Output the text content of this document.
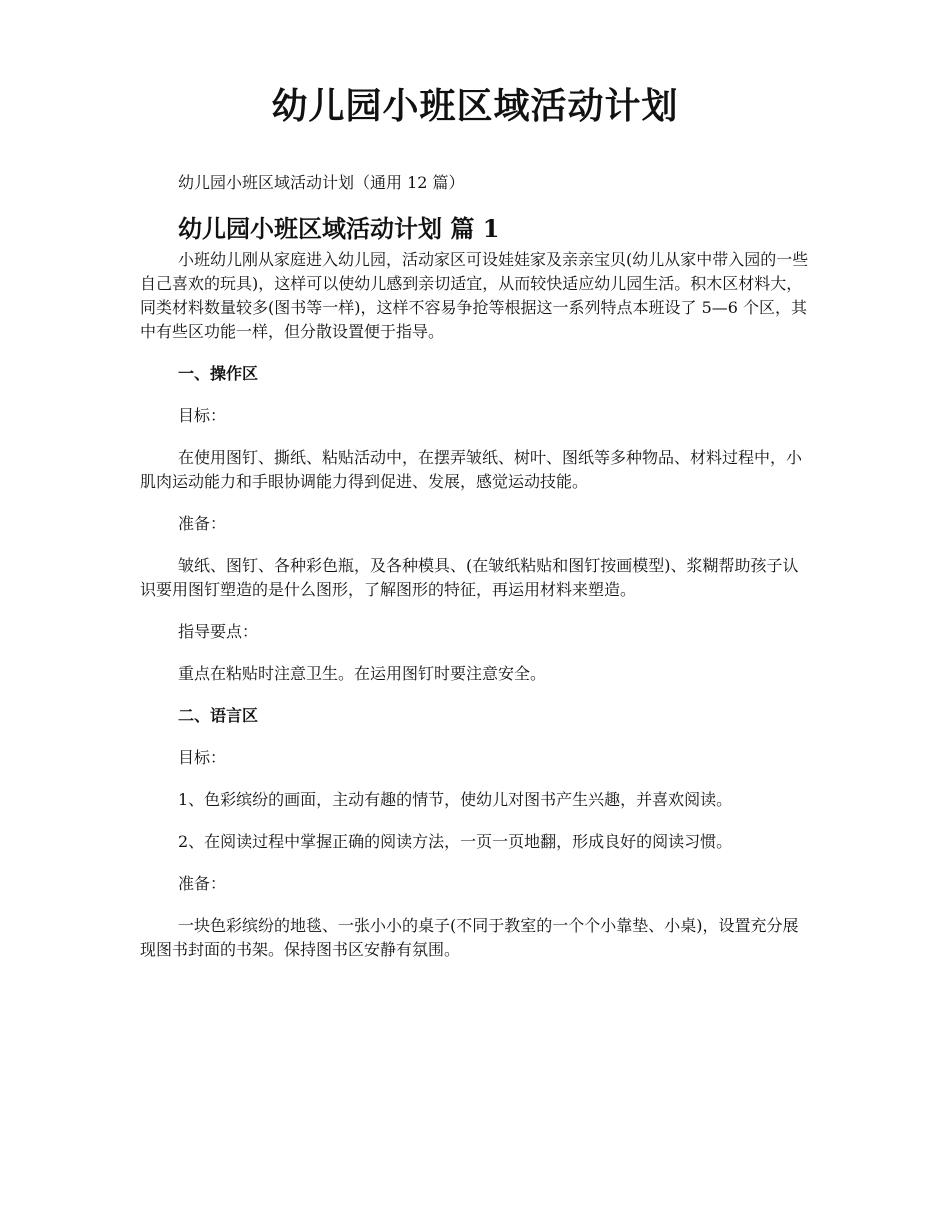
幼儿园小班区域活动计划
幼儿园小班区域活动计划（通用 12 篇）
幼儿园小班区域活动计划 篇 1

小班幼儿刚从家庭进入幼儿园，活动家区可设娃娃家及亲亲宝贝(幼儿从家中带入园的一些自己喜欢的玩具)，这样可以使幼儿感到亲切适宜，从而较快适应幼儿园生活。积木区材料大，同类材料数量较多(图书等一样)，这样不容易争抢等根据这一系列特点本班设了 5—6 个区，其中有些区功能一样，但分散设置便于指导。

一、操作区

目标：

在使用图钉、撕纸、粘贴活动中，在摆弄皱纸、树叶、图纸等多种物品、材料过程中，小肌肉运动能力和手眼协调能力得到促进、发展，感觉运动技能。

准备：

皱纸、图钉、各种彩色瓶，及各种模具、(在皱纸粘贴和图钉按画模型)、浆糊帮助孩子认识要用图钉塑造的是什么图形，了解图形的特征，再运用材料来塑造。

指导要点：

重点在粘贴时注意卫生。在运用图钉时要注意安全。

二、语言区

目标：

1、色彩缤纷的画面，主动有趣的情节，使幼儿对图书产生兴趣，并喜欢阅读。

2、在阅读过程中掌握正确的阅读方法，一页一页地翻，形成良好的阅读习惯。

准备：

一块色彩缤纷的地毯、一张小小的桌子(不同于教室的一个个小靠垫、小桌)，设置充分展现图书封面的书架。保持图书区安静有氛围。
